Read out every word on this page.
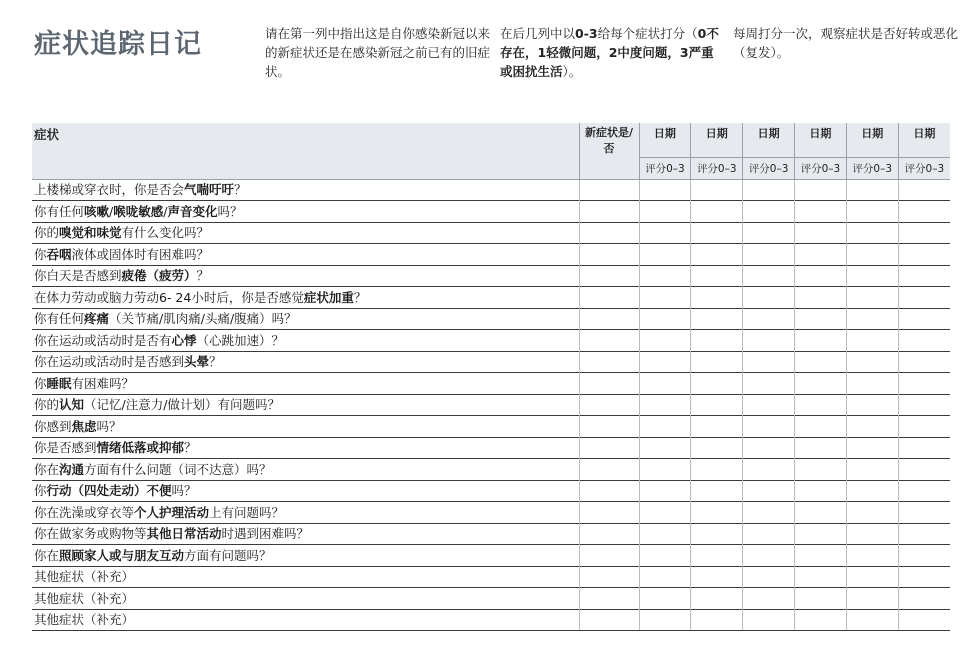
症状追踪日记	请在第一列中指出这是自你感染新冠以来的新症状还是在感染新冠之前已有的旧症状。
在后几列中以0-3给每个症状打分（0不存在，1轻微问题，2中度问题，3严重或困扰生活）。
每周打分一次，观察症状是否好转或恶化（复发）。
症状	新症状是/否	日期	日期	日期	日期	日期	日期
		评分0–3	评分0–3	评分0–3	评分0–3	评分0–3	评分0–3
上楼梯或穿衣时，你是否会气喘吁吁？							
你有任何咳嗽/喉咙敏感/声音变化吗？							
你的嗅觉和味觉有什么变化吗？							
你吞咽液体或固体时有困难吗？							
你白天是否感到疲倦（疲劳）？							
在体力劳动或脑力劳动6- 24小时后，你是否感觉症状加重？							
你有任何疼痛（关节痛/肌肉痛/头痛/腹痛）吗？							
你在运动或活动时是否有心悸（心跳加速）？							
你在运动或活动时是否感到头晕？							
你睡眠有困难吗？							
你的认知（记忆/注意力/做计划）有问题吗？							
你感到焦虑吗？							
你是否感到情绪低落或抑郁？							
你在沟通方面有什么问题（词不达意）吗？							
你行动（四处走动）不便吗？							
你在洗澡或穿衣等个人护理活动上有问题吗？							
你在做家务或购物等其他日常活动时遇到困难吗？							
你在照顾家人或与朋友互动方面有问题吗？							
其他症状（补充）							
其他症状（补充）							
其他症状（补充）							
